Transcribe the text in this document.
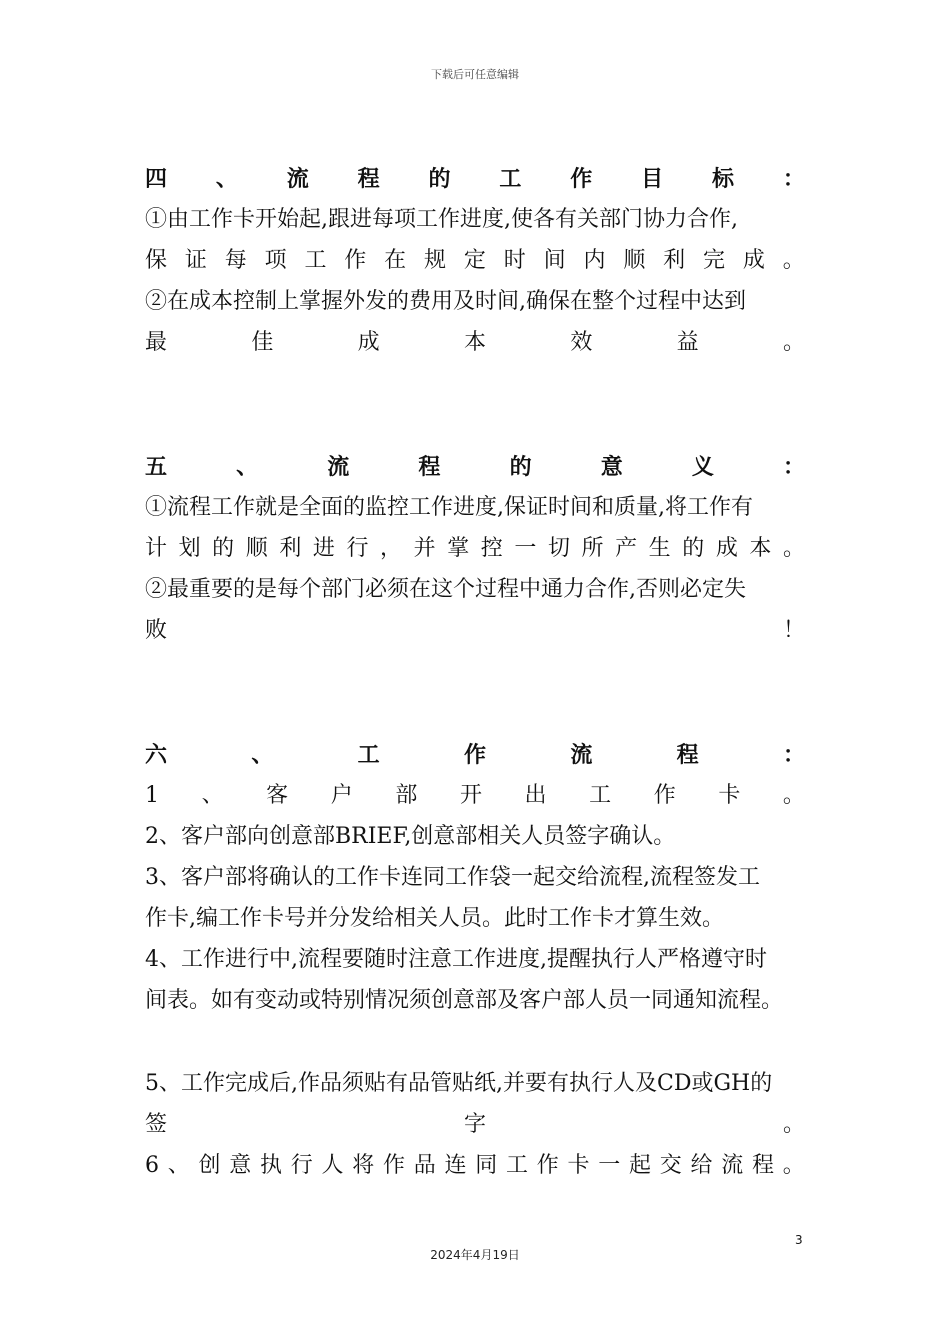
下载后可任意编辑
四 、 流 程 的 工 作 目 标 ：
①由工作卡开始起,跟进每项工作进度,使各有关部门协力合作,
保 证 每 项 工 作 在 规 定 时 间 内 顺 利 完 成 。
②在成本控制上掌握外发的费用及时间,确保在整个过程中达到
最	佳	成	本	效	益	。
五	、	流	程	的	意	义	：
①流程工作就是全面的监控工作进度,保证时间和质量,将工作有
计 划 的 顺 利 进 行 ， 并 掌 控 一 切 所 产 生 的 成 本 。
②最重要的是每个部门必须在这个过程中通力合作,否则必定失
败	！
六	、	工	作	流	程	：
1 、 客 户 部 开 出 工 作 卡 。
2、客户部向创意部BRIEF,创意部相关人员签字确认。
3、客户部将确认的工作卡连同工作袋一起交给流程,流程签发工
作卡,编工作卡号并分发给相关人员。此时工作卡才算生效。
4、工作进行中,流程要随时注意工作进度,提醒执行人严格遵守时
间表。如有变动或特别情况须创意部及客户部人员一同通知流程。
5、工作完成后,作品须贴有品管贴纸,并要有执行人及CD或GH的
签	字	。
6 、 创 意 执 行 人 将 作 品 连 同 工 作 卡 一 起 交 给 流 程 。
3
2024年4月19日
